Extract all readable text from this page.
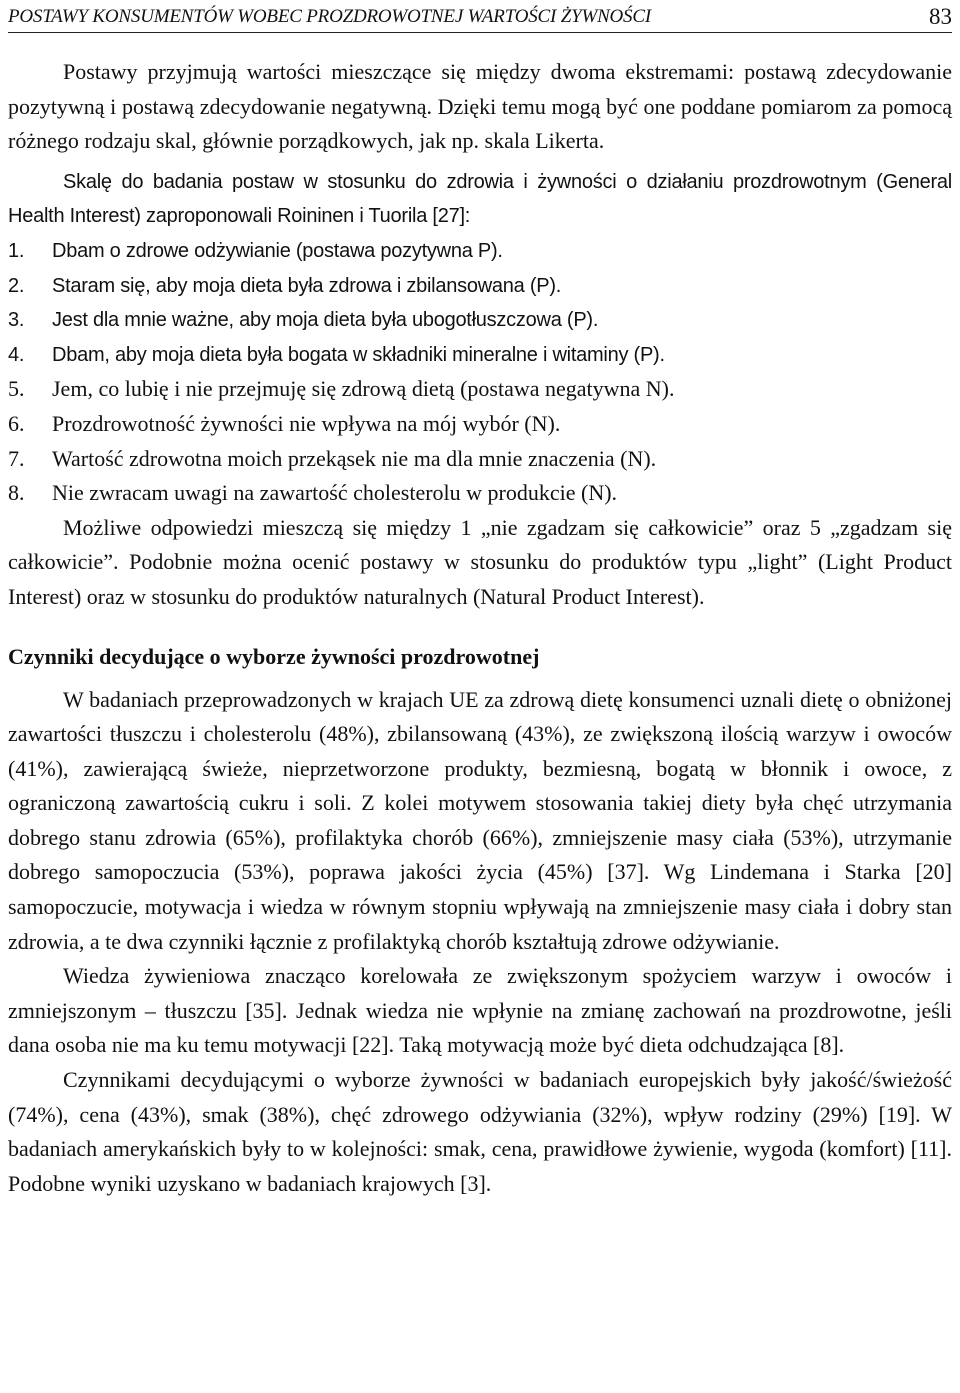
POSTAWY KONSUMENTÓW WOBEC PROZDROWOTNEJ WARTOŚCI ŻYWNOŚCI	83

Postawy przyjmują wartości mieszczące się między dwoma ekstremami: postawą zdecydowanie pozytywną i postawą zdecydowanie negatywną. Dzięki temu mogą być one poddane pomiarom za pomocą różnego rodzaju skal, głównie porządkowych, jak np. skala Likerta.

Skalę do badania postaw w stosunku do zdrowia i żywności o działaniu prozdrowotnym (General Health Interest) zaproponowali Roininen i Tuorila [27]:

1.	Dbam o zdrowe odżywianie (postawa pozytywna P).
2.	Staram się, aby moja dieta była zdrowa i zbilansowana (P).
3.	Jest dla mnie ważne, aby moja dieta była ubogotłuszczowa (P).
4.	Dbam, aby moja dieta była bogata w składniki mineralne i witaminy (P).
5.	Jem, co lubię i nie przejmuję się zdrową dietą (postawa negatywna N).
6.	Prozdrowotność żywności nie wpływa na mój wybór (N).
7.	Wartość zdrowotna moich przekąsek nie ma dla mnie znaczenia (N).
8.	Nie zwracam uwagi na zawartość cholesterolu w produkcie (N).

Możliwe odpowiedzi mieszczą się między 1 „nie zgadzam się całkowicie” oraz 5 „zgadzam się całkowicie”. Podobnie można ocenić postawy w stosunku do produktów typu „light” (Light Product Interest) oraz w stosunku do produktów naturalnych (Natural Product Interest).

Czynniki decydujące o wyborze żywności prozdrowotnej

W badaniach przeprowadzonych w krajach UE za zdrową dietę konsumenci uznali dietę o obniżonej zawartości tłuszczu i cholesterolu (48%), zbilansowaną (43%), ze zwiększoną ilością warzyw i owoców (41%), zawierającą świeże, nieprzetworzone produkty, bezmiesną, bogatą w błonnik i owoce, z ograniczoną zawartością cukru i soli. Z kolei motywem stosowania takiej diety była chęć utrzymania dobrego stanu zdrowia (65%), profilaktyka chorób (66%), zmniejszenie masy ciała (53%), utrzymanie dobrego samopoczucia (53%), poprawa jakości życia (45%) [37]. Wg Lindemana i Starka [20] samopoczucie, motywacja i wiedza w równym stopniu wpływają na zmniejszenie masy ciała i dobry stan zdrowia, a te dwa czynniki łącznie z profilaktyką chorób kształtują zdrowe odżywianie.

Wiedza żywieniowa znacząco korelowała ze zwiększonym spożyciem warzyw i owoców i zmniejszonym – tłuszczu [35]. Jednak wiedza nie wpłynie na zmianę zachowań na prozdrowotne, jeśli dana osoba nie ma ku temu motywacji [22]. Taką motywacją może być dieta odchudzająca [8].

Czynnikami decydującymi o wyborze żywności w badaniach europejskich były jakość/świeżość (74%), cena (43%), smak (38%), chęć zdrowego odżywiania (32%), wpływ rodziny (29%) [19]. W badaniach amerykańskich były to w kolejności: smak, cena, prawidłowe żywienie, wygoda (komfort) [11]. Podobne wyniki uzyskano w badaniach krajowych [3].
